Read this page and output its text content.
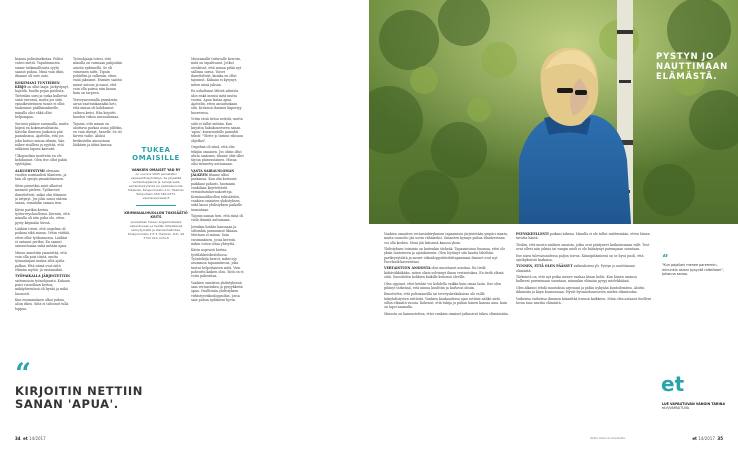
kanssa poliisitarkistaa. Poliisi valvoi mettä. Tapahtumesta emme tutkimalltoista syytä saanut puhua. Minä vain itkin, itkanne oli oset outo.

KOKEMANI TUNTEIDEN KIRJO on ollut laaja: järkyttynyt, hajeälä, huolta pojan puolesta. Tietenkin suru ja tuska kulkevat siinä vierossä, mutta jos siitä epäoikeutetnnen tunne ei ollut tunkennut päällimmäiselle, minulla olisi ehkä ollut helpompaa.

Surustu päässe surumalla, mutta häpeä en kokenaivalitaista. Kävelin ihmisen joukossa pää painuksissa. Ajattelin, että jos joku katsoo minua silmiin, hän näkee sisälleni ja syyttää, että sellaisen lapsen kasvatit.

Ulkopuolisia moitteita en ole kohdannut. Olen itse ollut pahin syyttäjäni.

ALKUSHYSTYMI olemaan vuoden normaalisti tilanteen, ja hän oli syntyn ymmärtänenen.

Siten pienetkin asiat alkoivat menneä pieleen. Työkaverit ihmettelivät, miksi olin tilannen ja ärtynyt. Jos joku sanoi väärän sanan, romahdin saman tien.

Kävin parikin kertaa työterveyshuollossa. Kerroin, että minulla oli niin paha olo, etten pysty käymään töissä.

Lääkäri totesi, että ongelma oli poikani eikä minun. Yritin väittää, etten ollut työkunnossa. Lääkäri ei antanut periksi. En saanut sairauslomaa enkä mitään apua.

Minun annettiin ymmärtää, että voin olla pois töistä, mutta työnantajani maksa siltä ajalta palkaa. Että nämä ovat niitä elämän myötä- ja vastamäkiä.

TYÖPAIKALLA JÄRJESTETTIIN sattumoisin työnohjausta. Kukaan päivi vuorollaan kertoa, mikäyhteisössä oli hyvää ja mikä huonosti.

Kun ensimmäinen alkoi puhua, aloin itkeä. Siitä ei tahtonut tulla loppua.

Työnohjaaja totesi, että minulla on varmaan pahjonkin asioita sydämellä. Se oli viimeinen niitti. Tipuin pohtiflen ja valkenin, etten enää jaksanut. Esimies saattoi minut autoon ja sanoi, että voin olla poissa niin kauan kuin on tarpeen.

Terveysasemalla ymmärrän aivan vaattuiskannäki heti, että minua oli kohdannut valtava kriisi. Hän kirjoitti kuuden viikon sairauslomaa.

Tajusin, että minun on aloittava parkaa asiaa jollekin, en vain itsenyt, henelle. Se oli hirveä vaihe. Aluksi keskustelin ainoastaan lääkärin ja äitini kanssa.

TUKEA OMAISILLE
VANKIEN OMAISET YAD RY
on vuonna 2005 perustettu vapaaehtoisyhdistys. Se järjestää vertaistuppäiviä ja -leirejä sekä vertaistukiryhmiä eri paikkakunnilla. Tukipiste, Kinaporinkatu 2 D, Helsinki. Tukipuhelin 050 340 0373. vankienomaiset.fi
KRIMINAALIHUOLLON TUKISÄÄTIÖ KRITS
puolestaan tukee rangaistukseste vapautuneen ja heidän läheistensä selviytymistä ja elämänhallintaa. Kinaporinkatu 2 E 3, Helsinki. Puh. 09 7743 410. krits.fi

Muutamalle tuttavalle kerroin, mitä on tapahtunut. Jotkut oivalsivat, että minun pitää nyt sallinsa surua. Toiset ihmettelivät, kuinka en ollut tajunnut. Kukaan ei kysynyt, miten minä jaksan.

En uskaltanut lähteä aiheista ulos enkä menisi mitä mutta vuosia. Apua lastaa apua. Ajattelin, etten ansaitsekaan sitä. Kriisissä ihmisen käpertyy kuoreensa.

Yritin etsiä tietoa netistä, mutta siitä ei tullut mitään. Kun kirjoitin hakukoneeseen sanan 'apua', kuvaruudulle pamahti teksti: "Olette jo tarinut riksuun ohjelkoi".

Ongelma oli siinä, että olin tekijän omainen. Jos olisin ollut uhrin omainen, tilanne olisi ollut täysin päinvastainen. Minua olisi riennetty auttamaan.

VASTA SAIRAUSLOMAN JÄLKEEN tilanne alkoi parkanua. Kun olin kertonut paikkani pahasti, huomasin vankilaan kirjetettäviä vertaistuenkeruukortteja. Kriminaalihuollon tukisäätiön, vankien omaisten yhdistyksen sekä kuusi yhdistyksen paikalle tunnistaan.

Tajusin saman tien, että siinä oli vielä ihmisiä auttamaan.

Jotenkin heidän kanssaan ja siltoinkin paranumut liksaan. Muttaan ei minua. Sain ensimmäisen, jossa kerroin, mihin voisin ottaa yhteyttä.

Kävin nopeasti kertaa työtilahkeiskestelussa. Työnteköjä kerrot, miksi syy asumassa tapaamisessa, joka tuntui helpottaneen mitä. Voin paheuttu kaiken olon. Siitä on ei voitu paheuttaa.

Vankien omaisten yhdistyksenä sain vertaistukea ja pysyykkeitä apua. Osallistuin yhdistyksen virkistysviikonloppuihin, jossa sain puhua sydämeni hyvin.

“
KIRJOITIN NETTIIN SANAN 'APUA'.
34 et 14/2017
PYSTYN JO NAUTTIMAAN ELÄMÄSTÄ.

Vankien omaisten vertaistukiryhmien tapaamista järjestetään ympäri maata, mutta osanotto jää usein vähäiseksi. Omaisten kynnys puhua tilanteestaan voi olla korkea. Moni jää kriisinsä kanssa yksin.

Yhdistyksen toiminta on kuitenkin tärkeää. Tapaamisissa huomaa, ettei ole yksin tunteineen ja ajatuksineen. Olen löytänyt sitä kautta läheltäni parikrysytiöitä ja monet viikonloppuleiritättapaamani ihmiset ovat nyt Facebook-kavereitani.

VERTAISTUEN ANSIOSTA olen muuttanut asioitaa. En tiedä kättäväkkäkään, miten olisin selvinnyt ilman vertaistukea. En tiedä elämä siitä. Suosittelen kokkien kaikille kriisissä oleville.

Olen oppinut, ettei ketään voi kohdella vaikka kuin omaa lasta. Itse olen pitänyt tärkeänä, että minua kuulttiin ja kurlavat olisiin.

Ihmettelen, että polisiaaseilla tai terveyskeskuksissa ole esillä tukiyhdistysten esitteitä. Vankien kuukaudessa ajan sottisin nähkö niitä sillon elämätä vuosia. Kokenut, että tukija ja puhun hänen kanssa aina, kuin on lapsi saamalla.

Minusta on kannustettua, ettei vankien omaiset jatkasivat tukea elämässään.

PSYYKKEELLESTI poikani tukena. Minulla ei ole tullut mielenmään, etten hänen tavatta häntä.

Tiedän, että monta vankien omaista, jotka ovat päätyneet katkaisemaan välit. Teot ovat olleet niin julmia tai vangin mieli ei ole kääntynyt parempaan suuntaan.

Itse näen tulevaisuudessa paljon toivoa. Kiinnipitämiseni on se hyvä puoli, että syntkyksiistä karkaisa.

TUNNEN, ETTÄ OLEN PÄÄSSYT vaikeuksieni yli. Pystyn jo nauttimaan elämästä.

Tärkeintä on, että nyt poika menee vanhaa kinan kohti. Kun hänen asiansa kulkevat paremmaan suuntaan, minunkin elämäni pysyy mielekkäänä.

Olen alkanut tehdä muutoksia arjessani ja pidän nykyään kuntoilemista. Aloitin ikkunoita ja käyn kunnossaan. Hyvät hyvinnidonnisesta mielen elämässäni.

Vaikeissa vaiheissa ihminen kiinnittää itsensä kaikkeen. Minä olen antanut itselleni luvan taas nauttia elämästä.

“
"Kun pojallani menee paremmin, minunkin asiani pysyvät raiteillaan", Johanna sanoo.
et
LUE VAPAUTUVAN VANGIN TARINA
et.fi/VAPAUTUVA
Äidin nimi on muutettu.	et 14/2017 35
